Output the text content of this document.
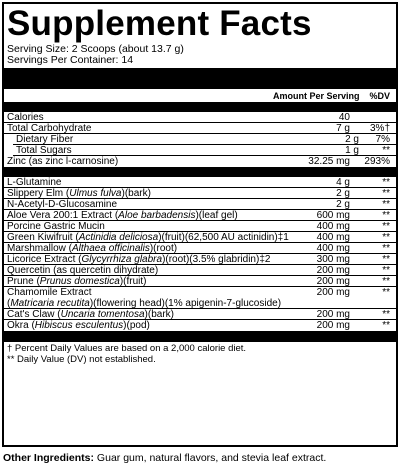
Supplement Facts
Serving Size: 2 Scoops (about 13.7 g)
Servings Per Container: 14
Amount Per Serving %DV
Calories	40
Total Carbohydrate	7 g	3%†
Dietary Fiber	2 g	7%
Total Sugars	1 g	**
Zinc (as zinc l-carnosine)	32.25 mg	293%
L-Glutamine	4 g	**
Slippery Elm (Ulmus fulva)(bark)	2 g	**
N-Acetyl-D-Glucosamine	2 g	**
Aloe Vera 200:1 Extract (Aloe barbadensis)(leaf gel)	600 mg	**
Porcine Gastric Mucin	400 mg	**
Green Kiwifruit (Actinidia deliciosa)(fruit)(62,500 AU actinidin)‡1	400 mg	**
Marshmallow (Althaea officinalis)(root)	400 mg	**
Licorice Extract (Glycyrrhiza glabra)(root)(3.5% glabridin)‡2	300 mg	**
Quercetin (as quercetin dihydrate)	200 mg	**
Prune (Prunus domestica)(fruit)	200 mg	**
Chamomile Extract
(Matricaria recutita)(flowering head)(1% apigenin-7-glucoside)
200 mg	**
Cat's Claw (Uncaria tomentosa)(bark)	200 mg	**
Okra (Hibiscus esculentus)(pod)	200 mg	**
† Percent Daily Values are based on a 2,000 calorie diet.
** Daily Value (DV) not established.
Other Ingredients: Guar gum, natural flavors, and stevia leaf extract.
